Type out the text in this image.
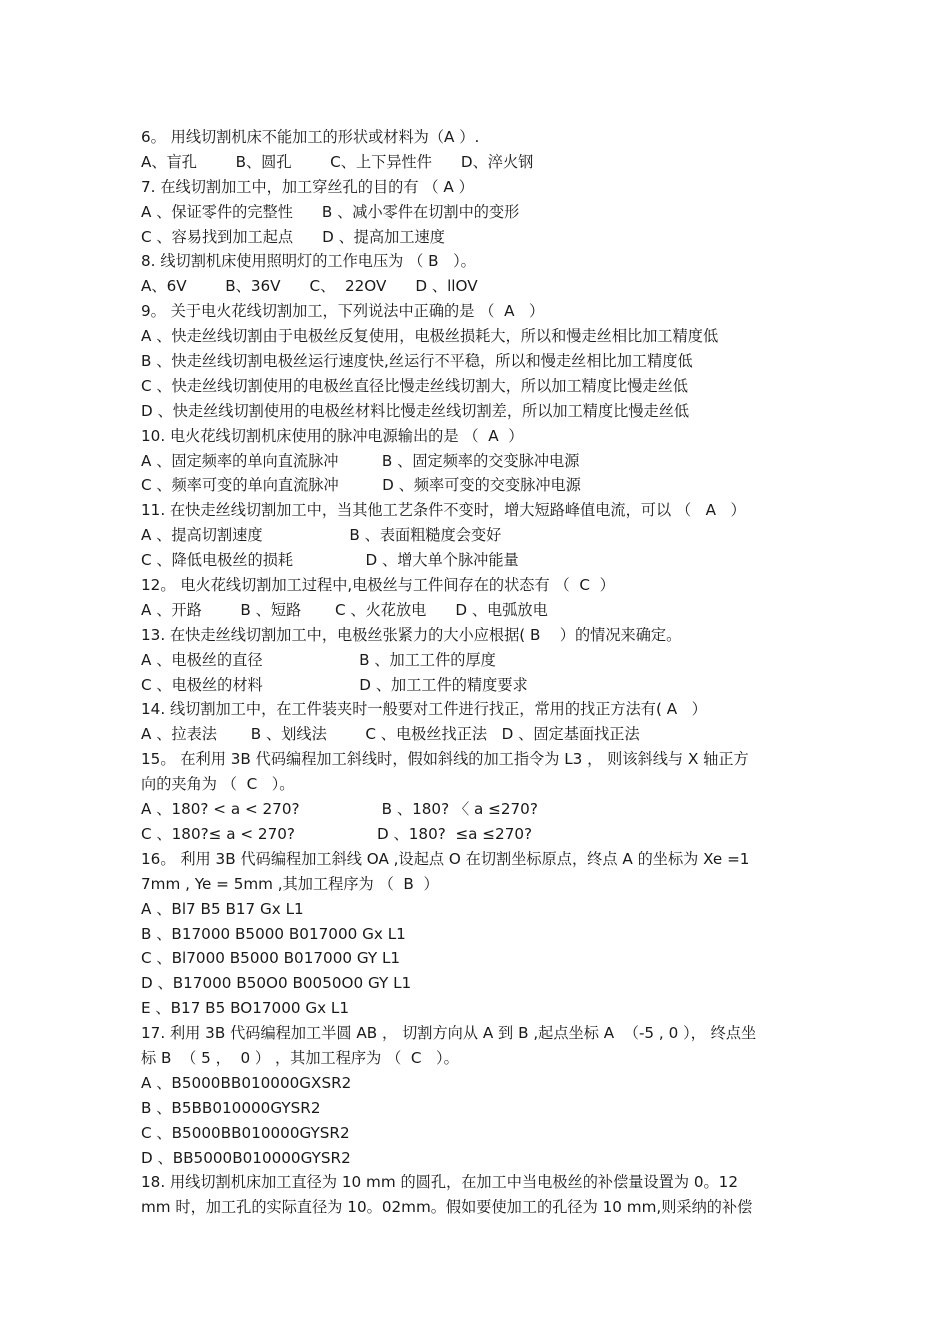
6。 用线切割机床不能加工的形状或材料为（A ）.
A、盲孔        B、圆孔        C、上下异性件      D、淬火钢
7. 在线切割加工中，加工穿丝孔的目的有 （ A ）
A 、保证零件的完整性      B 、减小零件在切割中的变形
C 、容易找到加工起点      D 、提高加工速度
8. 线切割机床使用照明灯的工作电压为 （ B   ）。
A、6V        B、36V      C、  22OV      D 、llOV
9。 关于电火花线切割加工，下列说法中正确的是 （  A   ）
A 、快走丝线切割由于电极丝反复使用，电极丝损耗大，所以和慢走丝相比加工精度低
B 、快走丝线切割电极丝运行速度快,丝运行不平稳，所以和慢走丝相比加工精度低
C 、快走丝线切割使用的电极丝直径比慢走丝线切割大，所以加工精度比慢走丝低
D 、快走丝线切割使用的电极丝材料比慢走丝线切割差，所以加工精度比慢走丝低
10. 电火花线切割机床使用的脉冲电源输出的是 （  A  ）
A 、固定频率的单向直流脉冲         B 、固定频率的交变脉冲电源
C 、频率可变的单向直流脉冲         D 、频率可变的交变脉冲电源
11. 在快走丝线切割加工中，当其他工艺条件不变时，增大短路峰值电流，可以 （   A   ）
A 、提高切割速度                  B 、表面粗糙度会变好
C 、降低电极丝的损耗               D 、增大单个脉冲能量
12。 电火花线切割加工过程中,电极丝与工件间存在的状态有 （  C  ）
A 、开路        B 、短路       C 、火花放电      D 、电弧放电
13. 在快走丝线切割加工中，电极丝张紧力的大小应根据( B    ）的情况来确定。
A 、电极丝的直径                    B 、加工工件的厚度
C 、电极丝的材料                    D 、加工工件的精度要求
14. 线切割加工中，在工件装夹时一般要对工件进行找正，常用的找正方法有( A   ）
A 、拉表法       B 、划线法        C 、电极丝找正法   D 、固定基面找正法
15。 在利用 3B 代码编程加工斜线时，假如斜线的加工指令为 L3 ， 则该斜线与 X 轴正方
向的夹角为 （  C   ）。
A 、180? < a < 270?                 B 、180? 〈 a ≤270?
C 、180?≤ a < 270?                 D 、180?  ≤a ≤270?
16。 利用 3B 代码编程加工斜线 OA ,设起点 O 在切割坐标原点，终点 A 的坐标为 Xe =1
7mm , Ye = 5mm ,其加工程序为 （  B  ）
A 、Bl7 B5 B17 Gx L1
B 、B17000 B5000 B017000 Gx L1
C 、Bl7000 B5000 B017000 GY L1
D 、B17000 B50O0 B0050O0 GY L1
E 、B17 B5 BO17000 Gx L1
17. 利用 3B 代码编程加工半圆 AB ， 切割方向从 A 到 B ,起点坐标 A  （-5 , 0 ）， 终点坐
标 B  （ 5 ，  0 ） ，其加工程序为 （  C   ）。
A 、B5000BB010000GXSR2
B 、B5BB010000GYSR2
C 、B5000BB010000GYSR2
D 、BB5000B010000GYSR2
18. 用线切割机床加工直径为 10 mm 的圆孔，在加工中当电极丝的补偿量设置为 0。12
mm 时，加工孔的实际直径为 10。02mm。假如要使加工的孔径为 10 mm,则采纳的补偿
